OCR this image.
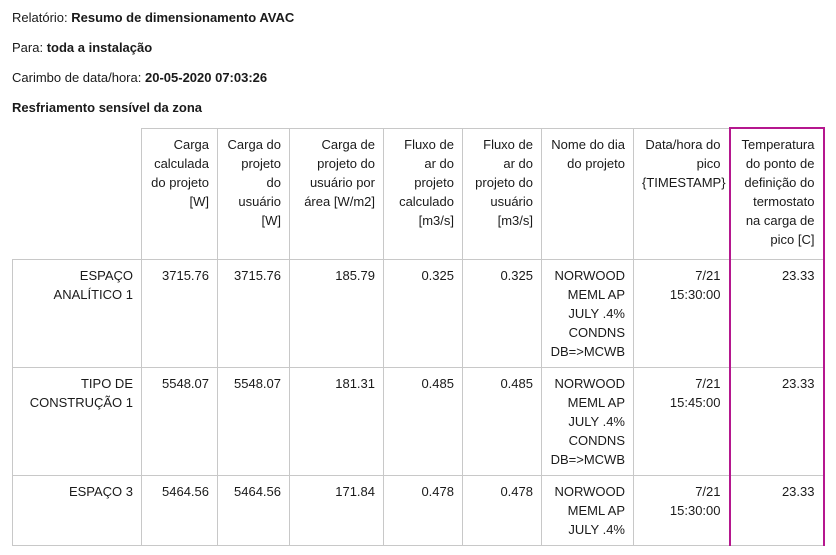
Relatório: Resumo de dimensionamento AVAC

Para: toda a instalação

Carimbo de data/hora: 20-05-2020 07:03:26

Resfriamento sensível da zona

	Carga calculada do projeto [W]	Carga do projeto do usuário [W]	Carga de projeto do usuário por área [W/m2]	Fluxo de ar do projeto calculado [m3/s]	Fluxo de ar do projeto do usuário [m3/s]	Nome do dia do projeto	Data/hora do pico {TIMESTAMP}	Temperatura do ponto de definição do termostato na carga de pico [C]
ESPAÇO ANALÍTICO 1	3715.76	3715.76	185.79	0.325	0.325	NORWOOD MEML AP JULY .4% CONDNS DB=>MCWB	7/21 15:30:00	23.33
TIPO DE CONSTRUÇÃO 1	5548.07	5548.07	181.31	0.485	0.485	NORWOOD MEML AP JULY .4% CONDNS DB=>MCWB	7/21 15:45:00	23.33
ESPAÇO 3	5464.56	5464.56	171.84	0.478	0.478	NORWOOD MEML AP JULY .4%	7/21 15:30:00	23.33
